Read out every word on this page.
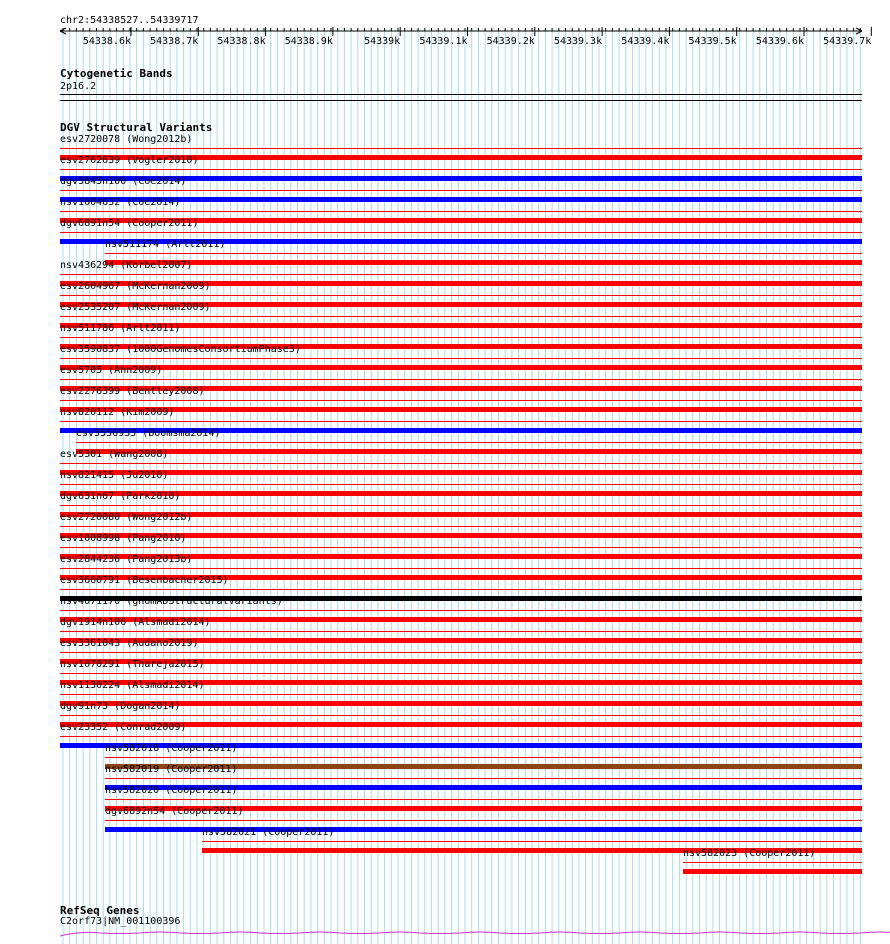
chr2:54338527..54339717
54338.6k 54338.7k 54338.8k 54338.9k	54339k 54339.1k 54339.2k 54339.3k 54339.4k 54339.5k 54339.6k 54339.7k
Cytogenetic Bands
2p16.2
DGV Structural Variants
esv2720078 (Wong2012b)
esv2762639 (Vogler2010)
dgv3845n100 (Coe2014)
nsv1004632 (Coe2014)
dgv6891n54 (Cooper2011)
nsv511174 (Arlt2011)
nsv436294 (Korbel2007)
esv2604967 (McKernan2009)
esv2535207 (McKernan2009)
nsv511786 (Arlt2011)
esv3590837 (1000GenomesConsortiumPhase3)
esv5705 (Ahn2009)
esv2276399 (Bentley2008)
nsv820112 (Kim2009)
esv3556933 (Boomsma2014)
esv5301 (Wang2008)
nsv821415 (Ju2010)
dgv631n67 (Park2010)
esv2720080 (Wong2012b)
esv1008998 (Pang2010)
esv2844236 (Pang2013b)
esv3660791 (Besenbacher2015)
nsv4071170 (gnomADStructuralVariants)
dgv1914n106 (Alsmadi2014)
esv3361043 (Audano2019)
nsv1070291 (Thareja2015)
nsv1130224 (Alsmadi2014)
dgv91n73 (Dogan2014)
esv23352 (Conrad2009)
nsv582018 (Cooper2011)
nsv582019 (Cooper2011)
nsv582020 (Cooper2011)
dgv6892n54 (Cooper2011)
nsv582021 (Cooper2011)
nsv582023 (Cooper2011)
RefSeq Genes
C2orf73|NM_001100396
